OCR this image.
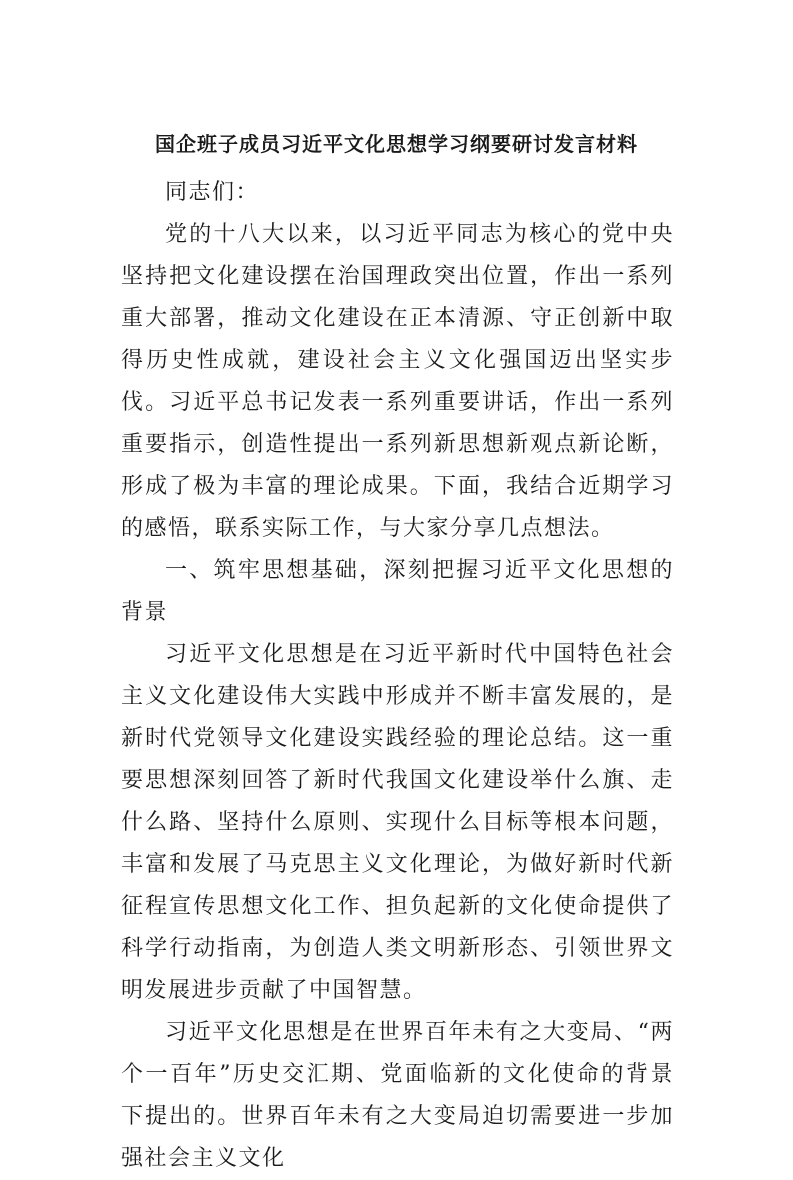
国企班子成员习近平文化思想学习纲要研讨发言材料

同志们：

党的十八大以来，以习近平同志为核心的党中央坚持把文化建设摆在治国理政突出位置，作出一系列重大部署，推动文化建设在正本清源、守正创新中取得历史性成就，建设社会主义文化强国迈出坚实步伐。习近平总书记发表一系列重要讲话，作出一系列重要指示，创造性提出一系列新思想新观点新论断，形成了极为丰富的理论成果。下面，我结合近期学习的感悟，联系实际工作，与大家分享几点想法。

一、筑牢思想基础，深刻把握习近平文化思想的背景

习近平文化思想是在习近平新时代中国特色社会主义文化建设伟大实践中形成并不断丰富发展的，是新时代党领导文化建设实践经验的理论总结。这一重要思想深刻回答了新时代我国文化建设举什么旗、走什么路、坚持什么原则、实现什么目标等根本问题，丰富和发展了马克思主义文化理论，为做好新时代新征程宣传思想文化工作、担负起新的文化使命提供了科学行动指南，为创造人类文明新形态、引领世界文明发展进步贡献了中国智慧。

习近平文化思想是在世界百年未有之大变局、“两个一百年”历史交汇期、党面临新的文化使命的背景下提出的。世界百年未有之大变局迫切需要进一步加强社会主义文化
